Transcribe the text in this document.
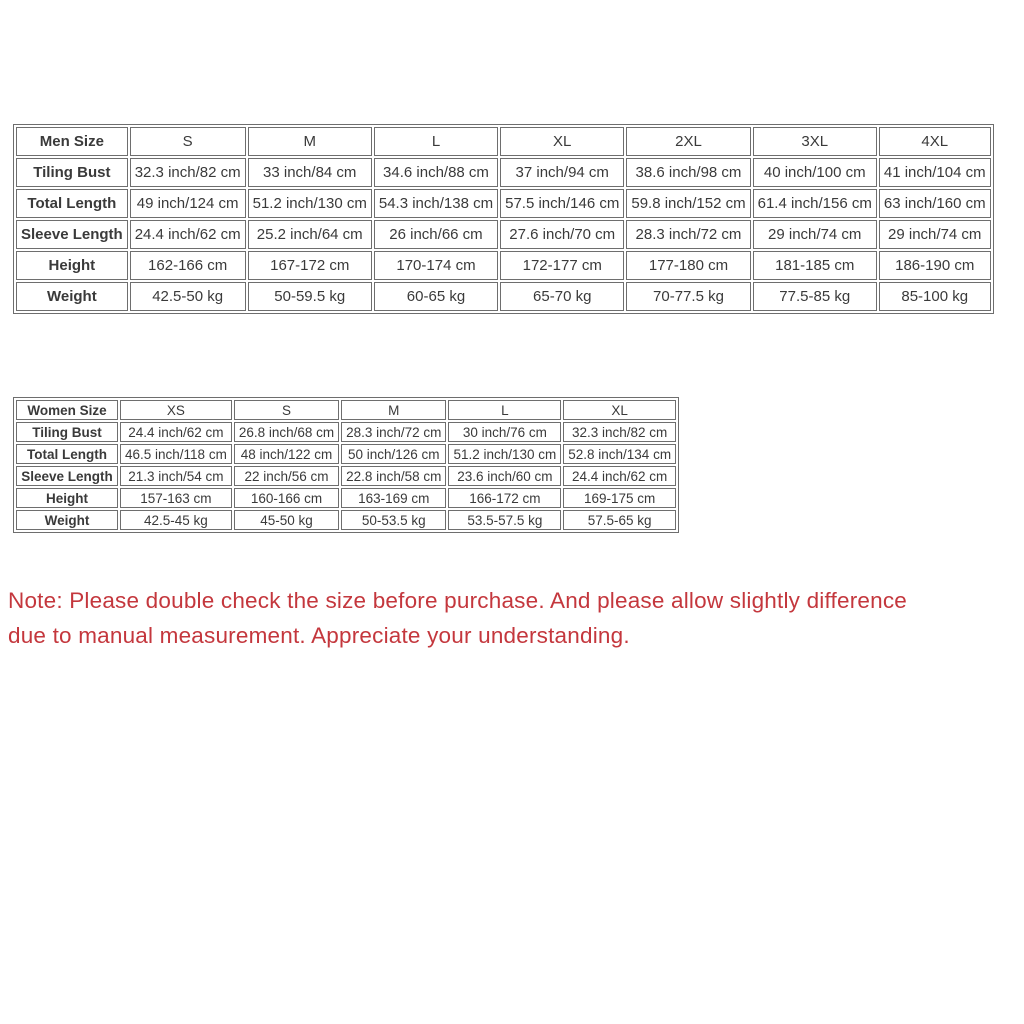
Men Size	S	M	L	XL	2XL	3XL	4XL
Tiling Bust	32.3 inch/82 cm	33 inch/84 cm	34.6 inch/88 cm	37 inch/94 cm	38.6 inch/98 cm	40 inch/100 cm	41 inch/104 cm
Total Length	49 inch/124 cm	51.2 inch/130 cm	54.3 inch/138 cm	57.5 inch/146 cm	59.8 inch/152 cm	61.4 inch/156 cm	63 inch/160 cm
Sleeve Length	24.4 inch/62 cm	25.2 inch/64 cm	26 inch/66 cm	27.6 inch/70 cm	28.3 inch/72 cm	29 inch/74 cm	29 inch/74 cm
Height	162-166 cm	167-172 cm	170-174 cm	172-177 cm	177-180 cm	181-185 cm	186-190 cm
Weight	42.5-50 kg	50-59.5 kg	60-65 kg	65-70 kg	70-77.5 kg	77.5-85 kg	85-100 kg
Women Size	XS	S	M	L	XL
Tiling Bust	24.4 inch/62 cm	26.8 inch/68 cm	28.3 inch/72 cm	30 inch/76 cm	32.3 inch/82 cm
Total Length	46.5 inch/118 cm	48 inch/122 cm	50 inch/126 cm	51.2 inch/130 cm	52.8 inch/134 cm
Sleeve Length	21.3 inch/54 cm	22 inch/56 cm	22.8 inch/58 cm	23.6 inch/60 cm	24.4 inch/62 cm
Height	157-163 cm	160-166 cm	163-169 cm	166-172 cm	169-175 cm
Weight	42.5-45 kg	45-50 kg	50-53.5 kg	53.5-57.5 kg	57.5-65 kg
Note: Please double check the size before purchase. And please allow slightly difference
due to manual measurement. Appreciate your understanding.
